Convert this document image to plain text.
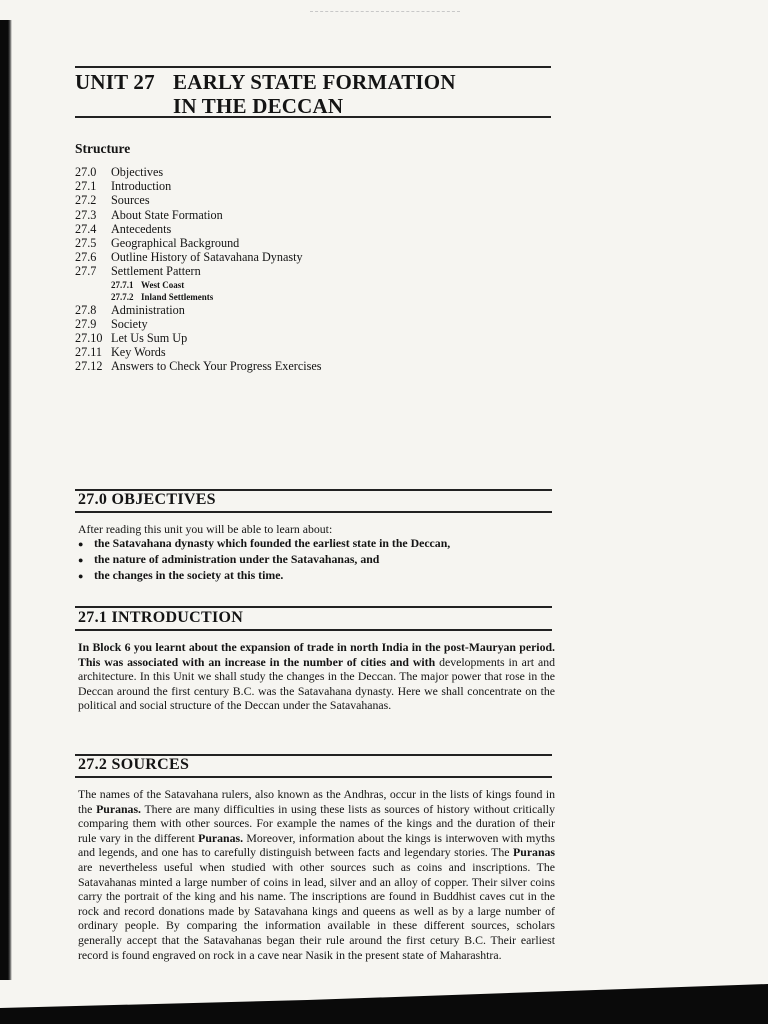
UNIT 27 EARLY STATE FORMATION
IN THE DECCAN
Structure
27.0 Objectives
27.1 Introduction
27.2 Sources
27.3 About State Formation
27.4 Antecedents
27.5 Geographical Background
27.6 Outline History of Satavahana Dynasty
27.7 Settlement Pattern
27.7.1 West Coast
27.7.2 Inland Settlements
27.8 Administration
27.9 Society
27.10 Let Us Sum Up
27.11 Key Words
27.12 Answers to Check Your Progress Exercises
27.0 OBJECTIVES

After reading this unit you will be able to learn about:

● the Satavahana dynasty which founded the earliest state in the Deccan,
● the nature of administration under the Satavahanas, and
● the changes in the society at this time.
27.1 INTRODUCTION

In Block 6 you learnt about the expansion of trade in north India in the post-Mauryan period. This was associated with an increase in the number of cities and with developments in art and architecture. In this Unit we shall study the changes in the Deccan. The major power that rose in the Deccan around the first century B.C. was the Satavahana dynasty. Here we shall concentrate on the political and social structure of the Deccan under the Satavahanas.

27.2 SOURCES

The names of the Satavahana rulers, also known as the Andhras, occur in the lists of kings found in the Puranas. There are many difficulties in using these lists as sources of history without critically comparing them with other sources. For example the names of the kings and the duration of their rule vary in the different Puranas. Moreover, information about the kings is interwoven with myths and legends, and one has to carefully distinguish between facts and legendary stories. The Puranas are nevertheless useful when studied with other sources such as coins and inscriptions. The Satavahanas minted a large number of coins in lead, silver and an alloy of copper. Their silver coins carry the portrait of the king and his name. The inscriptions are found in Buddhist caves cut in the rock and record donations made by Satavahana kings and queens as well as by a large number of ordinary people. By comparing the information available in these different sources, scholars generally accept that the Satavahanas began their rule around the first cetury B.C. Their earliest record is found engraved on rock in a cave near Nasik in the present state of Maharashtra.
